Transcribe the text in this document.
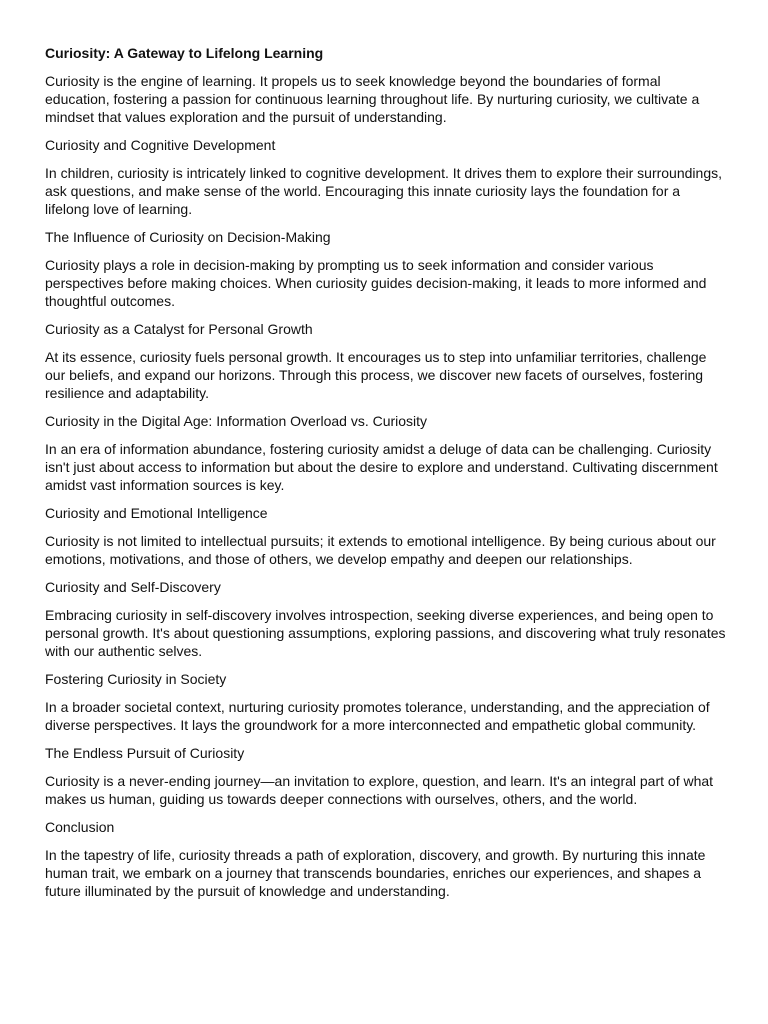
Curiosity: A Gateway to Lifelong Learning

Curiosity is the engine of learning. It propels us to seek knowledge beyond the boundaries of formal education, fostering a passion for continuous learning throughout life. By nurturing curiosity, we cultivate a mindset that values exploration and the pursuit of understanding.

Curiosity and Cognitive Development

In children, curiosity is intricately linked to cognitive development. It drives them to explore their surroundings, ask questions, and make sense of the world. Encouraging this innate curiosity lays the foundation for a lifelong love of learning.

The Influence of Curiosity on Decision-Making

Curiosity plays a role in decision-making by prompting us to seek information and consider various perspectives before making choices. When curiosity guides decision-making, it leads to more informed and thoughtful outcomes.

Curiosity as a Catalyst for Personal Growth

At its essence, curiosity fuels personal growth. It encourages us to step into unfamiliar territories, challenge our beliefs, and expand our horizons. Through this process, we discover new facets of ourselves, fostering resilience and adaptability.

Curiosity in the Digital Age: Information Overload vs. Curiosity

In an era of information abundance, fostering curiosity amidst a deluge of data can be challenging. Curiosity isn't just about access to information but about the desire to explore and understand. Cultivating discernment amidst vast information sources is key.

Curiosity and Emotional Intelligence

Curiosity is not limited to intellectual pursuits; it extends to emotional intelligence. By being curious about our emotions, motivations, and those of others, we develop empathy and deepen our relationships.

Curiosity and Self-Discovery

Embracing curiosity in self-discovery involves introspection, seeking diverse experiences, and being open to personal growth. It's about questioning assumptions, exploring passions, and discovering what truly resonates with our authentic selves.

Fostering Curiosity in Society

In a broader societal context, nurturing curiosity promotes tolerance, understanding, and the appreciation of diverse perspectives. It lays the groundwork for a more interconnected and empathetic global community.

The Endless Pursuit of Curiosity

Curiosity is a never-ending journey—an invitation to explore, question, and learn. It's an integral part of what makes us human, guiding us towards deeper connections with ourselves, others, and the world.

Conclusion

In the tapestry of life, curiosity threads a path of exploration, discovery, and growth. By nurturing this innate human trait, we embark on a journey that transcends boundaries, enriches our experiences, and shapes a future illuminated by the pursuit of knowledge and understanding.
